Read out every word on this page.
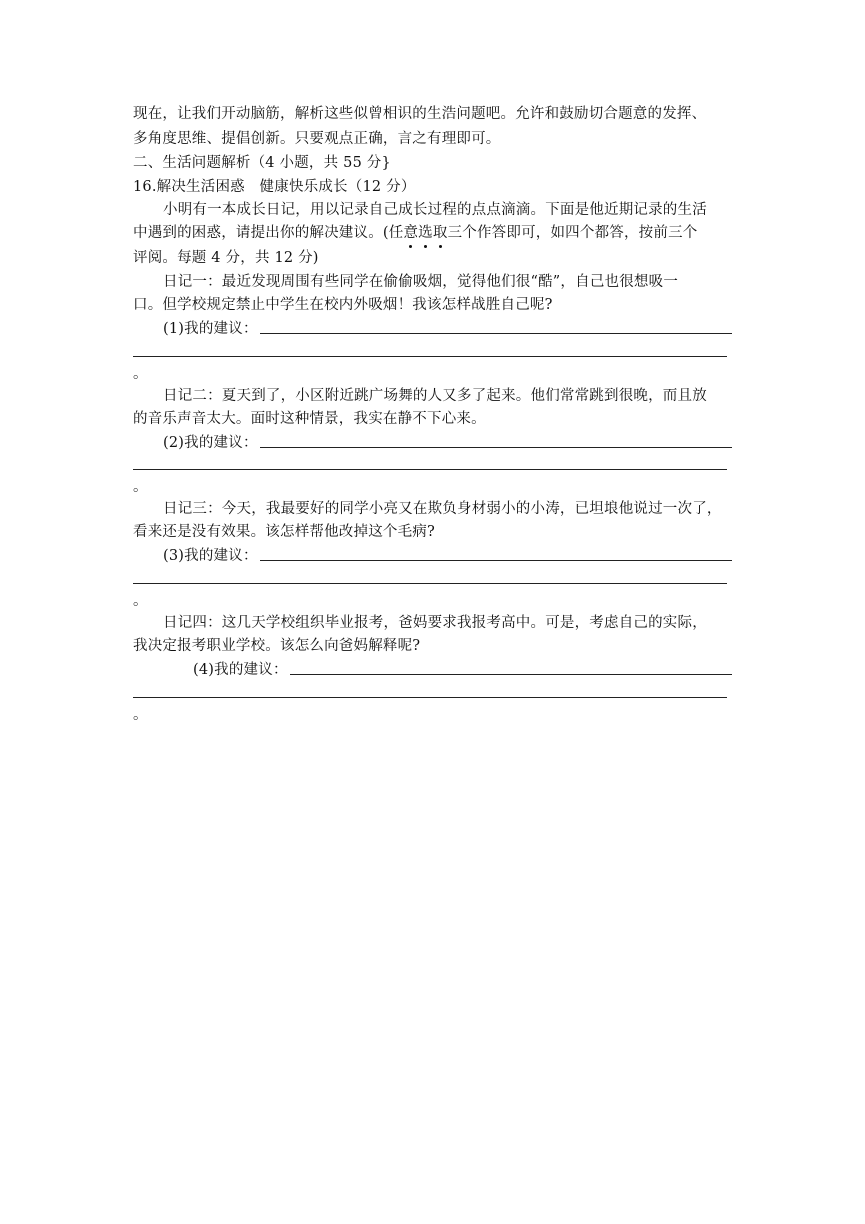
现在，让我们开动脑筋，解析这些似曾相识的生浩问题吧。允许和鼓励切合题意的发挥、
多角度思维、提倡创新。只要观点正确，言之有理即可。
二、生活问题解析（4 小题，共 55 分}
16.解决生活困惑　健康快乐成长（12 分）
小明有一本成长日记，用以记录自己成长过程的点点滴滴。下面是他近期记录的生活
中遇到的困惑，请提出你的解决建议。(任意选取三个作答即可，如四个都答，按前三个
评阅。每题 4 分，共 12 分)
日记一：最近发现周围有些同学在偷偷吸烟，觉得他们很“酷”，自己也很想吸一
口。但学校规定禁止中学生在校内外吸烟！我该怎样战胜自己呢?
(1)我的建议：
。
日记二：夏天到了，小区附近跳广场舞的人又多了起来。他们常常跳到很晚，而且放
的音乐声音太大。面时这种情景，我实在静不下心来。
(2)我的建议：
。
日记三：今天，我最要好的同学小亮又在欺负身材弱小的小涛，已坦埌他说过一次了，
看来还是没有效果。该怎样帮他改掉这个毛病?
(3)我的建议：
。
日记四：这几天学校组织毕业报考，爸妈要求我报考高中。可是，考虑自己的实际，
我决定报考职业学校。该怎么向爸妈解释呢?
(4)我的建议：
。
